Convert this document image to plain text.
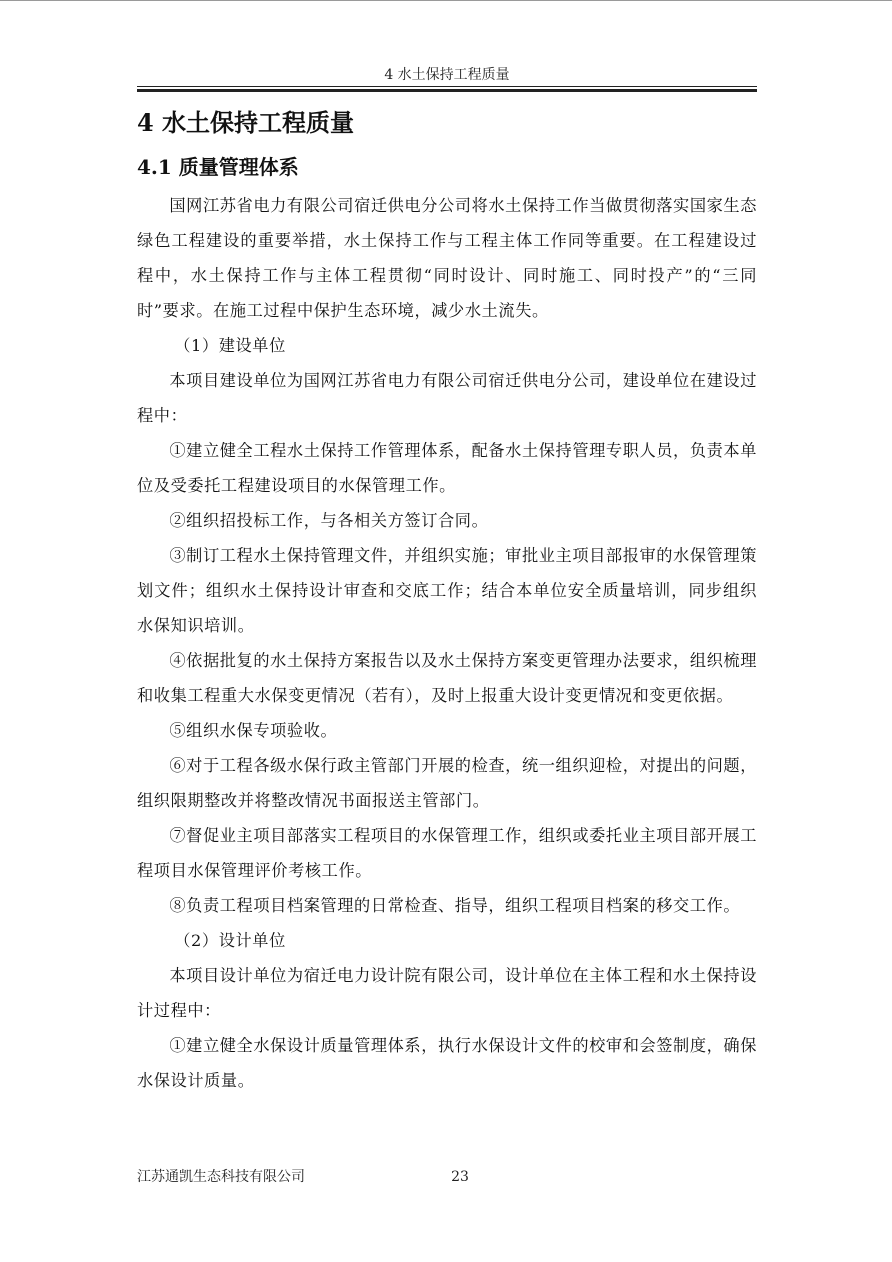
4 水土保持工程质量
4 水土保持工程质量
4.1 质量管理体系

国网江苏省电力有限公司宿迁供电分公司将水土保持工作当做贯彻落实国家生态绿色工程建设的重要举措，水土保持工作与工程主体工作同等重要。在工程建设过程中，水土保持工作与主体工程贯彻“同时设计、同时施工、同时投产”的“三同时”要求。在施工过程中保护生态环境，减少水土流失。

（1）建设单位

本项目建设单位为国网江苏省电力有限公司宿迁供电分公司，建设单位在建设过程中：

①建立健全工程水土保持工作管理体系，配备水土保持管理专职人员，负责本单位及受委托工程建设项目的水保管理工作。

②组织招投标工作，与各相关方签订合同。

③制订工程水土保持管理文件，并组织实施；审批业主项目部报审的水保管理策划文件；组织水土保持设计审查和交底工作；结合本单位安全质量培训，同步组织水保知识培训。

④依据批复的水土保持方案报告以及水土保持方案变更管理办法要求，组织梳理和收集工程重大水保变更情况（若有），及时上报重大设计变更情况和变更依据。

⑤组织水保专项验收。

⑥对于工程各级水保行政主管部门开展的检查，统一组织迎检，对提出的问题，组织限期整改并将整改情况书面报送主管部门。

⑦督促业主项目部落实工程项目的水保管理工作，组织或委托业主项目部开展工程项目水保管理评价考核工作。

⑧负责工程项目档案管理的日常检查、指导，组织工程项目档案的移交工作。

（2）设计单位

本项目设计单位为宿迁电力设计院有限公司，设计单位在主体工程和水土保持设计过程中：

①建立健全水保设计质量管理体系，执行水保设计文件的校审和会签制度，确保水保设计质量。

江苏通凯生态科技有限公司	23
